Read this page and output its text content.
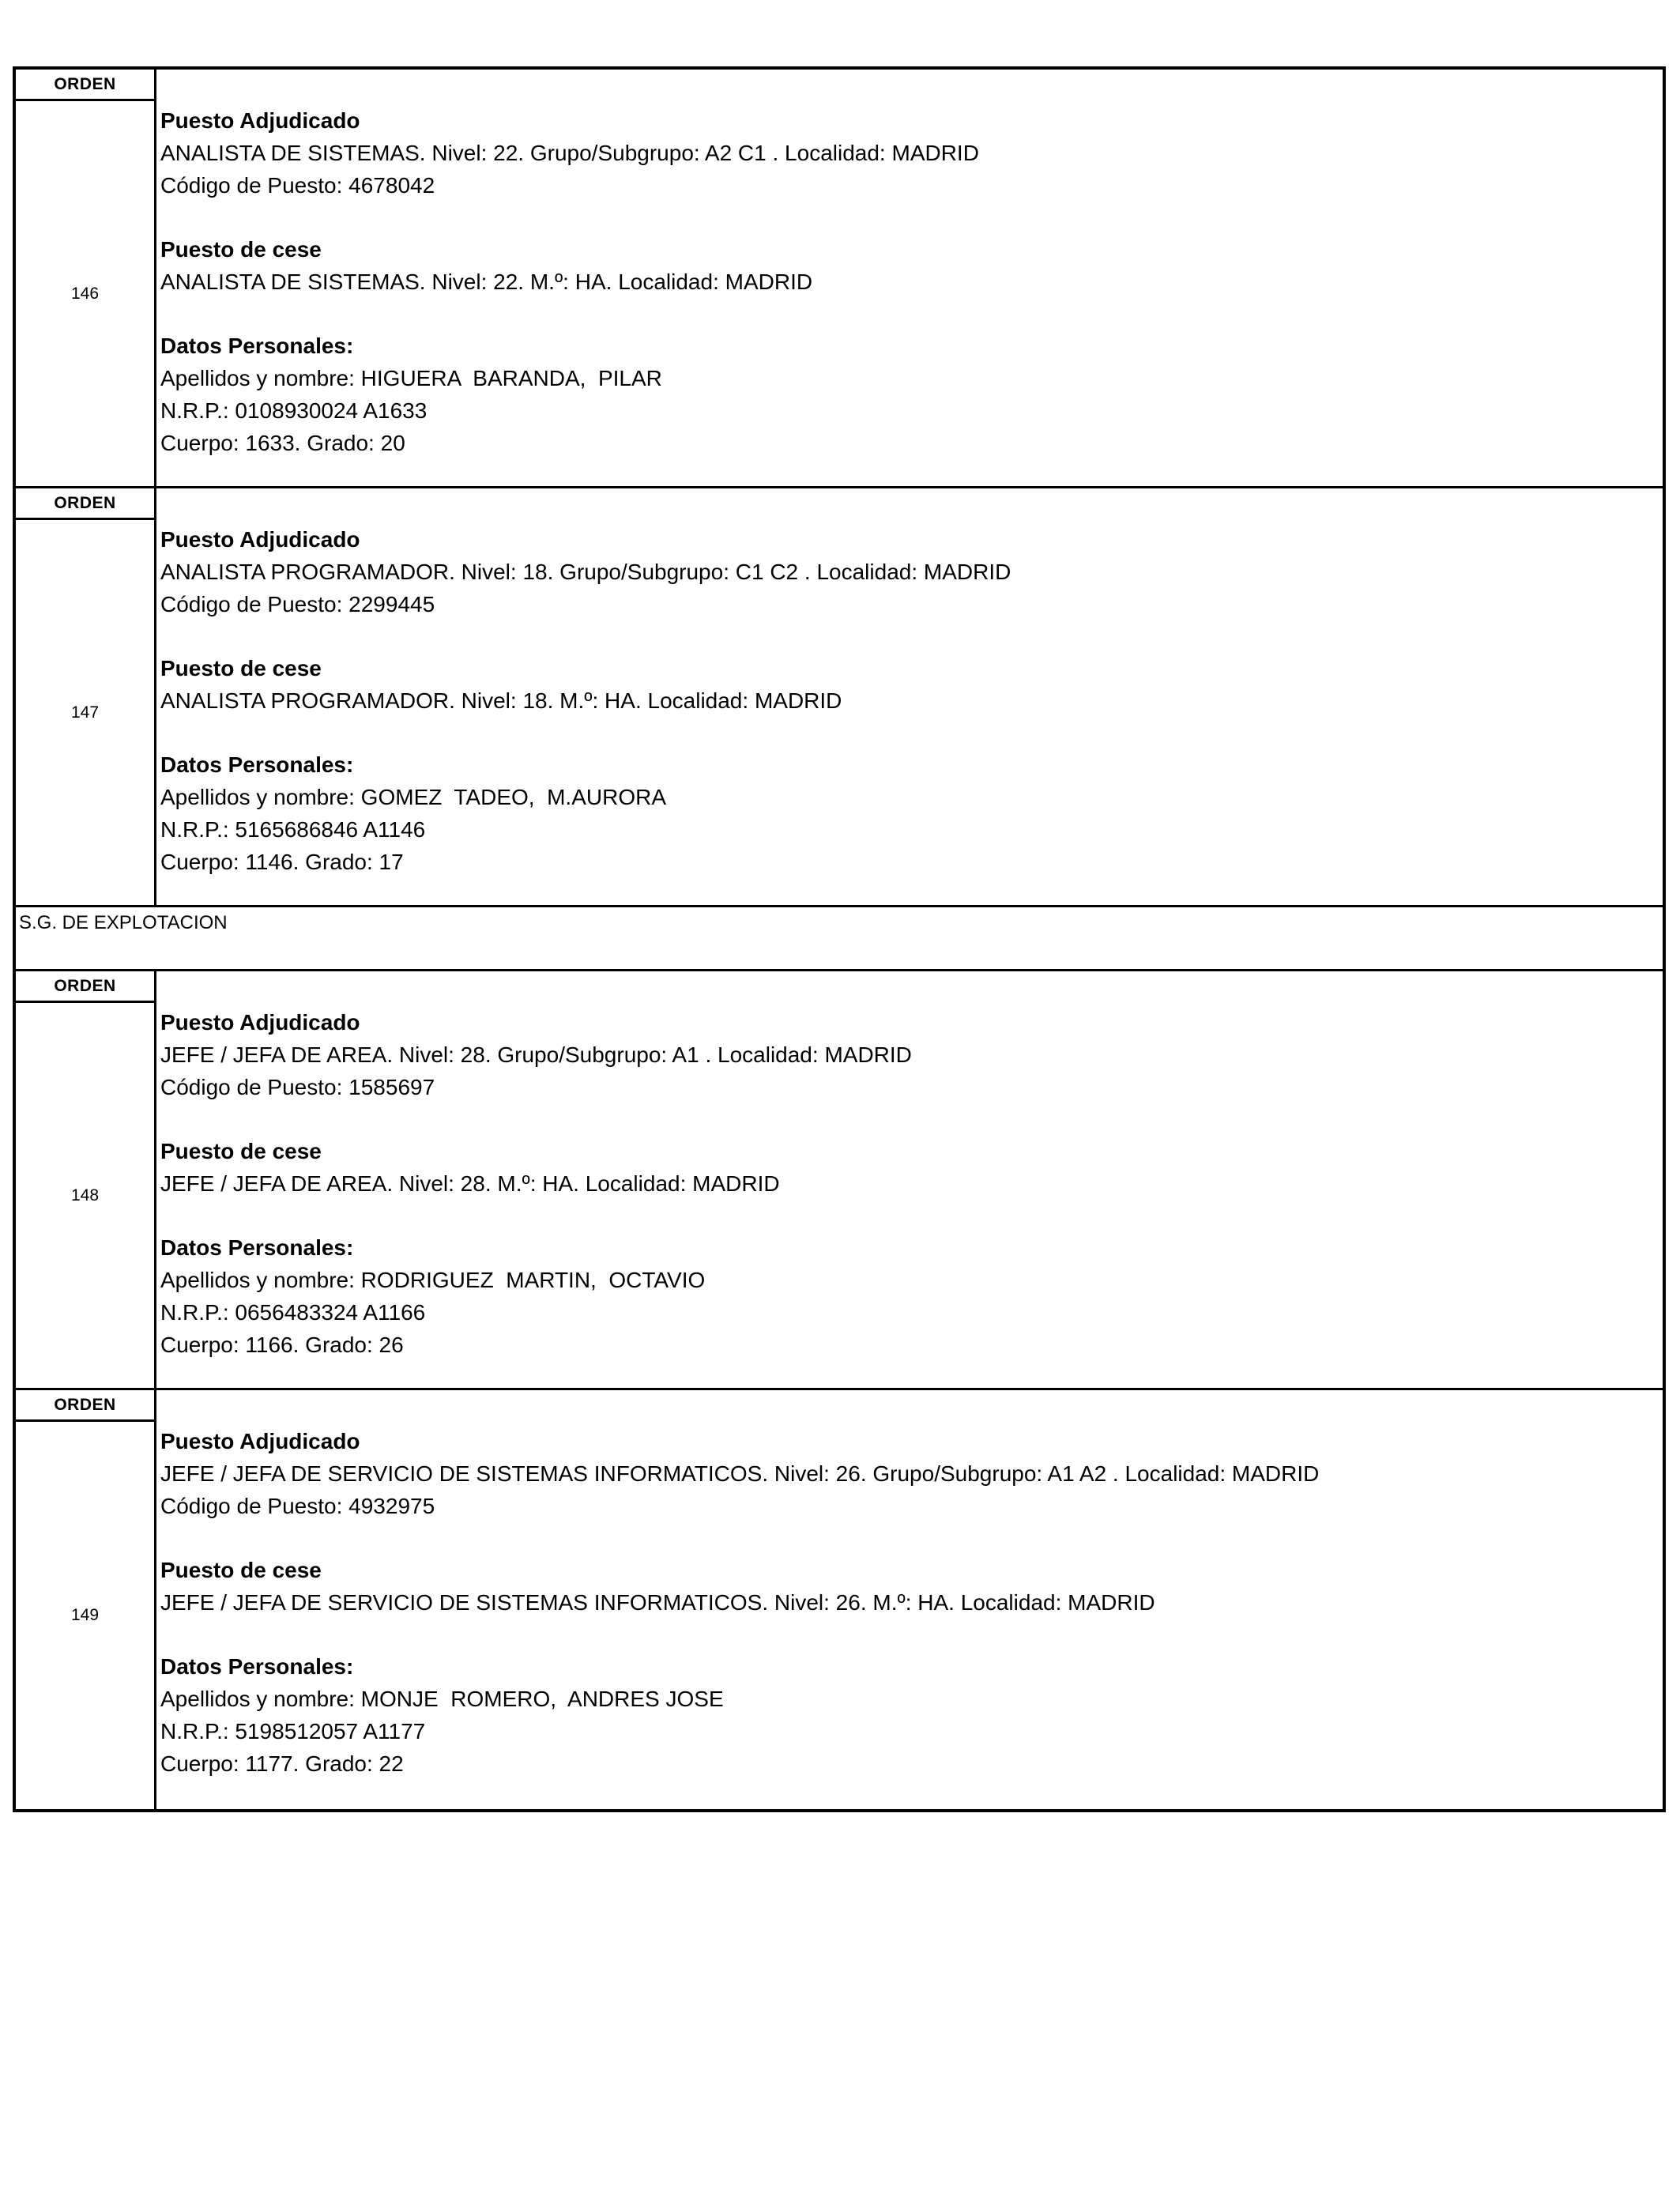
ORDEN
146
Puesto Adjudicado
ANALISTA DE SISTEMAS. Nivel: 22. Grupo/Subgrupo: A2 C1 . Localidad: MADRID
Código de Puesto: 4678042
Puesto de cese
ANALISTA DE SISTEMAS. Nivel: 22. M.º: HA. Localidad: MADRID
Datos Personales:
Apellidos y nombre: HIGUERA  BARANDA,  PILAR
N.R.P.: 0108930024 A1633
Cuerpo: 1633. Grado: 20
ORDEN
147
Puesto Adjudicado
ANALISTA PROGRAMADOR. Nivel: 18. Grupo/Subgrupo: C1 C2 . Localidad: MADRID
Código de Puesto: 2299445
Puesto de cese
ANALISTA PROGRAMADOR. Nivel: 18. M.º: HA. Localidad: MADRID
Datos Personales:
Apellidos y nombre: GOMEZ  TADEO,  M.AURORA
N.R.P.: 5165686846 A1146
Cuerpo: 1146. Grado: 17
S.G. DE EXPLOTACION
ORDEN
148
Puesto Adjudicado
JEFE / JEFA DE AREA. Nivel: 28. Grupo/Subgrupo: A1 . Localidad: MADRID
Código de Puesto: 1585697
Puesto de cese
JEFE / JEFA DE AREA. Nivel: 28. M.º: HA. Localidad: MADRID
Datos Personales:
Apellidos y nombre: RODRIGUEZ  MARTIN,  OCTAVIO
N.R.P.: 0656483324 A1166
Cuerpo: 1166. Grado: 26
ORDEN
149
Puesto Adjudicado
JEFE / JEFA DE SERVICIO DE SISTEMAS INFORMATICOS. Nivel: 26. Grupo/Subgrupo: A1 A2 . Localidad: MADRID
Código de Puesto: 4932975
Puesto de cese
JEFE / JEFA DE SERVICIO DE SISTEMAS INFORMATICOS. Nivel: 26. M.º: HA. Localidad: MADRID
Datos Personales:
Apellidos y nombre: MONJE  ROMERO,  ANDRES JOSE
N.R.P.: 5198512057 A1177
Cuerpo: 1177. Grado: 22
